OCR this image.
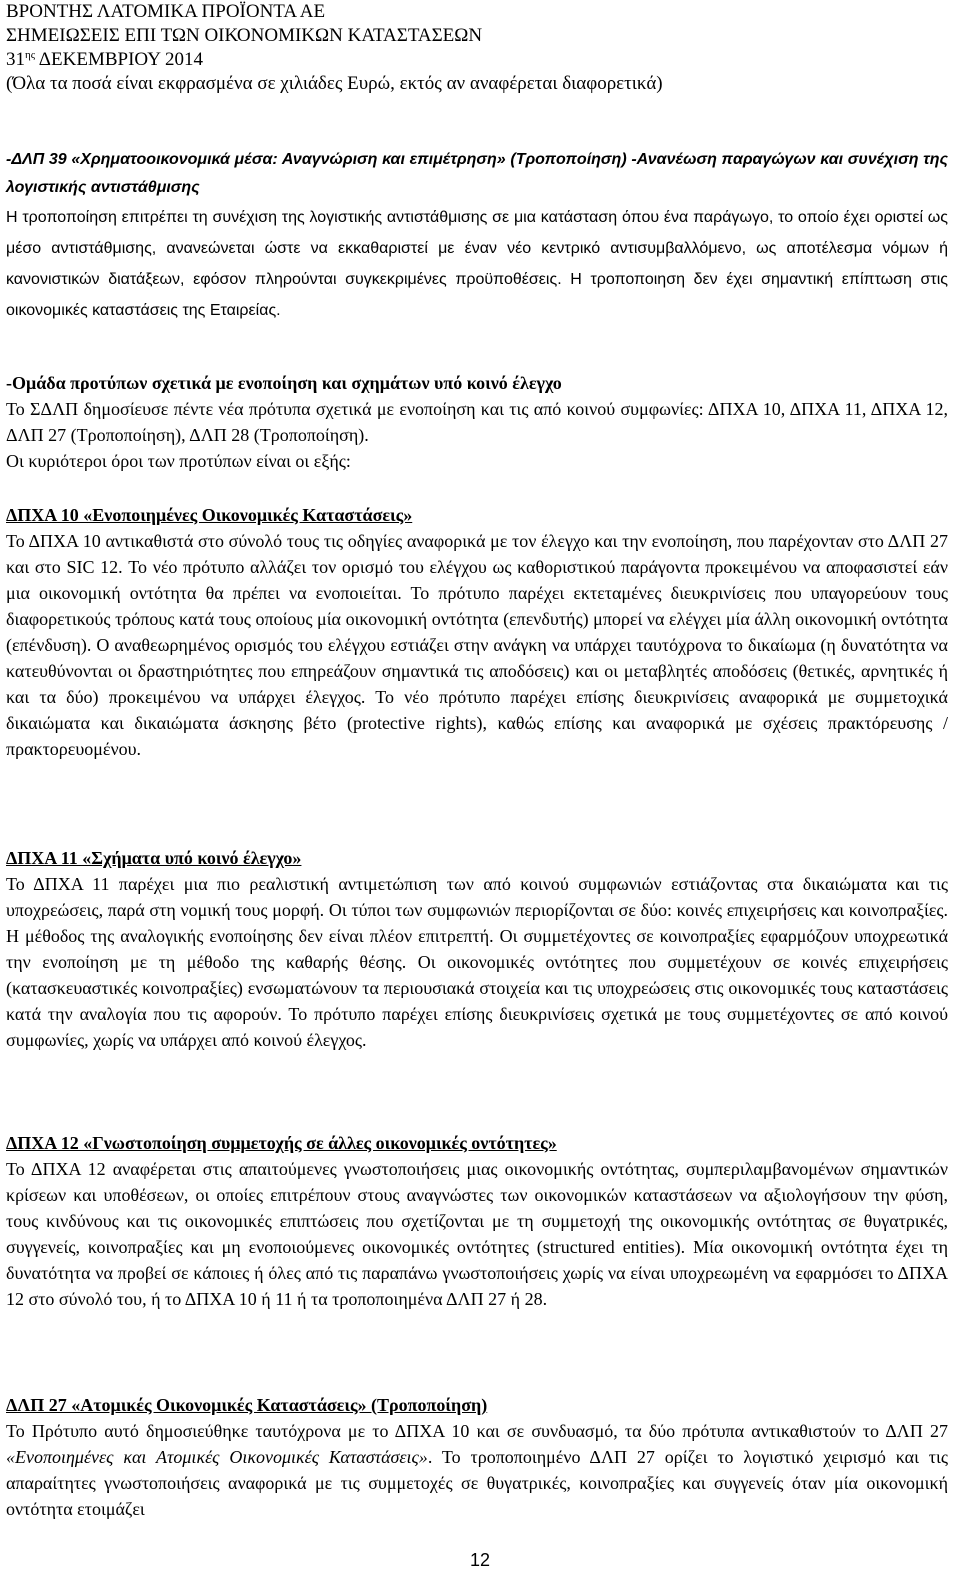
ΒΡΟΝΤΗΣ ΛΑΤΟΜΙΚΑ ΠΡΟΪΟΝΤΑ ΑΕ
ΣΗΜΕΙΩΣΕΙΣ ΕΠΙ ΤΩΝ ΟΙΚΟΝΟΜΙΚΩΝ ΚΑΤΑΣΤΑΣΕΩΝ
$31^{\eta\varsigma}$ ΔΕΚΕΜΒΡΙΟΥ 2014
(Όλα τα ποσά είναι εκφρασμένα σε χιλιάδες Ευρώ, εκτός αν αναφέρεται διαφορετικά)

-ΔΛΠ 39 «Χρηματοοικονομικά μέσα: Αναγνώριση και επιμέτρηση» (Τροποποίηση) -Ανανέωση παραγώγων και συνέχιση της λογιστικής αντιστάθμισης

Η τροποποίηση επιτρέπει τη συνέχιση της λογιστικής αντιστάθμισης σε μια κατάσταση όπου ένα παράγωγο, το οποίο έχει οριστεί ως μέσο αντιστάθμισης, ανανεώνεται ώστε να εκκαθαριστεί με έναν νέο κεντρικό αντισυμβαλλόμενο, ως αποτέλεσμα νόμων ή κανονιστικών διατάξεων, εφόσον πληρούνται συγκεκριμένες προϋποθέσεις. Η τροποποιηση δεν έχει σημαντική επίπτωση στις οικονομικές καταστάσεις της Εταιρείας.

-Ομάδα προτύπων σχετικά με ενοποίηση και σχημάτων υπό κοινό έλεγχο

Το ΣΔΛΠ δημοσίευσε πέντε νέα πρότυπα σχετικά με ενοποίηση και τις από κοινού συμφωνίες: ΔΠΧΑ 10, ΔΠΧΑ 11, ΔΠΧΑ 12, ΔΛΠ 27 (Τροποποίηση), ΔΛΠ 28 (Τροποποίηση).

Οι κυριότεροι όροι των προτύπων είναι οι εξής:

ΔΠΧΑ 10 «Ενοποιημένες Οικονομικές Καταστάσεις»

Το ΔΠΧΑ 10 αντικαθιστά στο σύνολό τους τις οδηγίες αναφορικά με τον έλεγχο και την ενοποίηση, που παρέχονταν στο ΔΛΠ 27 και στο SIC 12. Το νέο πρότυπο αλλάζει τον ορισμό του ελέγχου ως καθοριστικού παράγοντα προκειμένου να αποφασιστεί εάν μια οικονομική οντότητα θα πρέπει να ενοποιείται. Το πρότυπο παρέχει εκτεταμένες διευκρινίσεις που υπαγορεύουν τους διαφορετικούς τρόπους κατά τους οποίους μία οικονομική οντότητα (επενδυτής) μπορεί να ελέγχει μία άλλη οικονομική οντότητα (επένδυση). Ο αναθεωρημένος ορισμός του ελέγχου εστιάζει στην ανάγκη να υπάρχει ταυτόχρονα το δικαίωμα (η δυνατότητα να κατευθύνονται οι δραστηριότητες που επηρεάζουν σημαντικά τις αποδόσεις) και οι μεταβλητές αποδόσεις (θετικές, αρνητικές ή και τα δύο) προκειμένου να υπάρχει έλεγχος. Το νέο πρότυπο παρέχει επίσης διευκρινίσεις αναφορικά με συμμετοχικά δικαιώματα και δικαιώματα άσκησης βέτο (protective rights), καθώς επίσης και αναφορικά με σχέσεις πρακτόρευσης / πρακτορευομένου.

ΔΠΧΑ 11 «Σχήματα υπό κοινό έλεγχο»

Το ΔΠΧΑ 11 παρέχει μια πιο ρεαλιστική αντιμετώπιση των από κοινού συμφωνιών εστιάζοντας στα δικαιώματα και τις υποχρεώσεις, παρά στη νομική τους μορφή. Οι τύποι των συμφωνιών περιορίζονται σε δύο: κοινές επιχειρήσεις και κοινοπραξίες. Η μέθοδος της αναλογικής ενοποίησης δεν είναι πλέον επιτρεπτή. Οι συμμετέχοντες σε κοινοπραξίες εφαρμόζουν υποχρεωτικά την ενοποίηση με τη μέθοδο της καθαρής θέσης. Οι οικονομικές οντότητες που συμμετέχουν σε κοινές επιχειρήσεις (κατασκευαστικές κοινοπραξίες) ενσωματώνουν τα περιουσιακά στοιχεία και τις υποχρεώσεις στις οικονομικές τους καταστάσεις κατά την αναλογία που τις αφορούν. Το πρότυπο παρέχει επίσης διευκρινίσεις σχετικά με τους συμμετέχοντες σε από κοινού συμφωνίες, χωρίς να υπάρχει από κοινού έλεγχος.

ΔΠΧΑ 12 «Γνωστοποίηση συμμετοχής σε άλλες οικονομικές οντότητες»

Το ΔΠΧΑ 12 αναφέρεται στις απαιτούμενες γνωστοποιήσεις μιας οικονομικής οντότητας, συμπεριλαμβανομένων σημαντικών κρίσεων και υποθέσεων, οι οποίες επιτρέπουν στους αναγνώστες των οικονομικών καταστάσεων να αξιολογήσουν την φύση, τους κινδύνους και τις οικονομικές επιπτώσεις που σχετίζονται με τη συμμετοχή της οικονομικής οντότητας σε θυγατρικές, συγγενείς, κοινοπραξίες και μη ενοποιούμενες οικονομικές οντότητες (structured entities). Μία οικονομική οντότητα έχει τη δυνατότητα να προβεί σε κάποιες ή όλες από τις παραπάνω γνωστοποιήσεις χωρίς να είναι υποχρεωμένη να εφαρμόσει το ΔΠΧΑ 12 στο σύνολό του, ή το ΔΠΧΑ 10 ή 11 ή τα τροποποιημένα ΔΛΠ 27 ή 28.

ΔΛΠ 27 «Ατομικές Οικονομικές Καταστάσεις» (Τροποποίηση)

Το Πρότυπο αυτό δημοσιεύθηκε ταυτόχρονα με το ΔΠΧΑ 10 και σε συνδυασμό, τα δύο πρότυπα αντικαθιστούν το ΔΛΠ 27 «Ενοποιημένες και Ατομικές Οικονομικές Καταστάσεις». Το τροποποιημένο ΔΛΠ 27 ορίζει το λογιστικό χειρισμό και τις απαραίτητες γνωστοποιήσεις αναφορικά με τις συμμετοχές σε θυγατρικές, κοινοπραξίες και συγγενείς όταν μία οικονομική οντότητα ετοιμάζει

12
